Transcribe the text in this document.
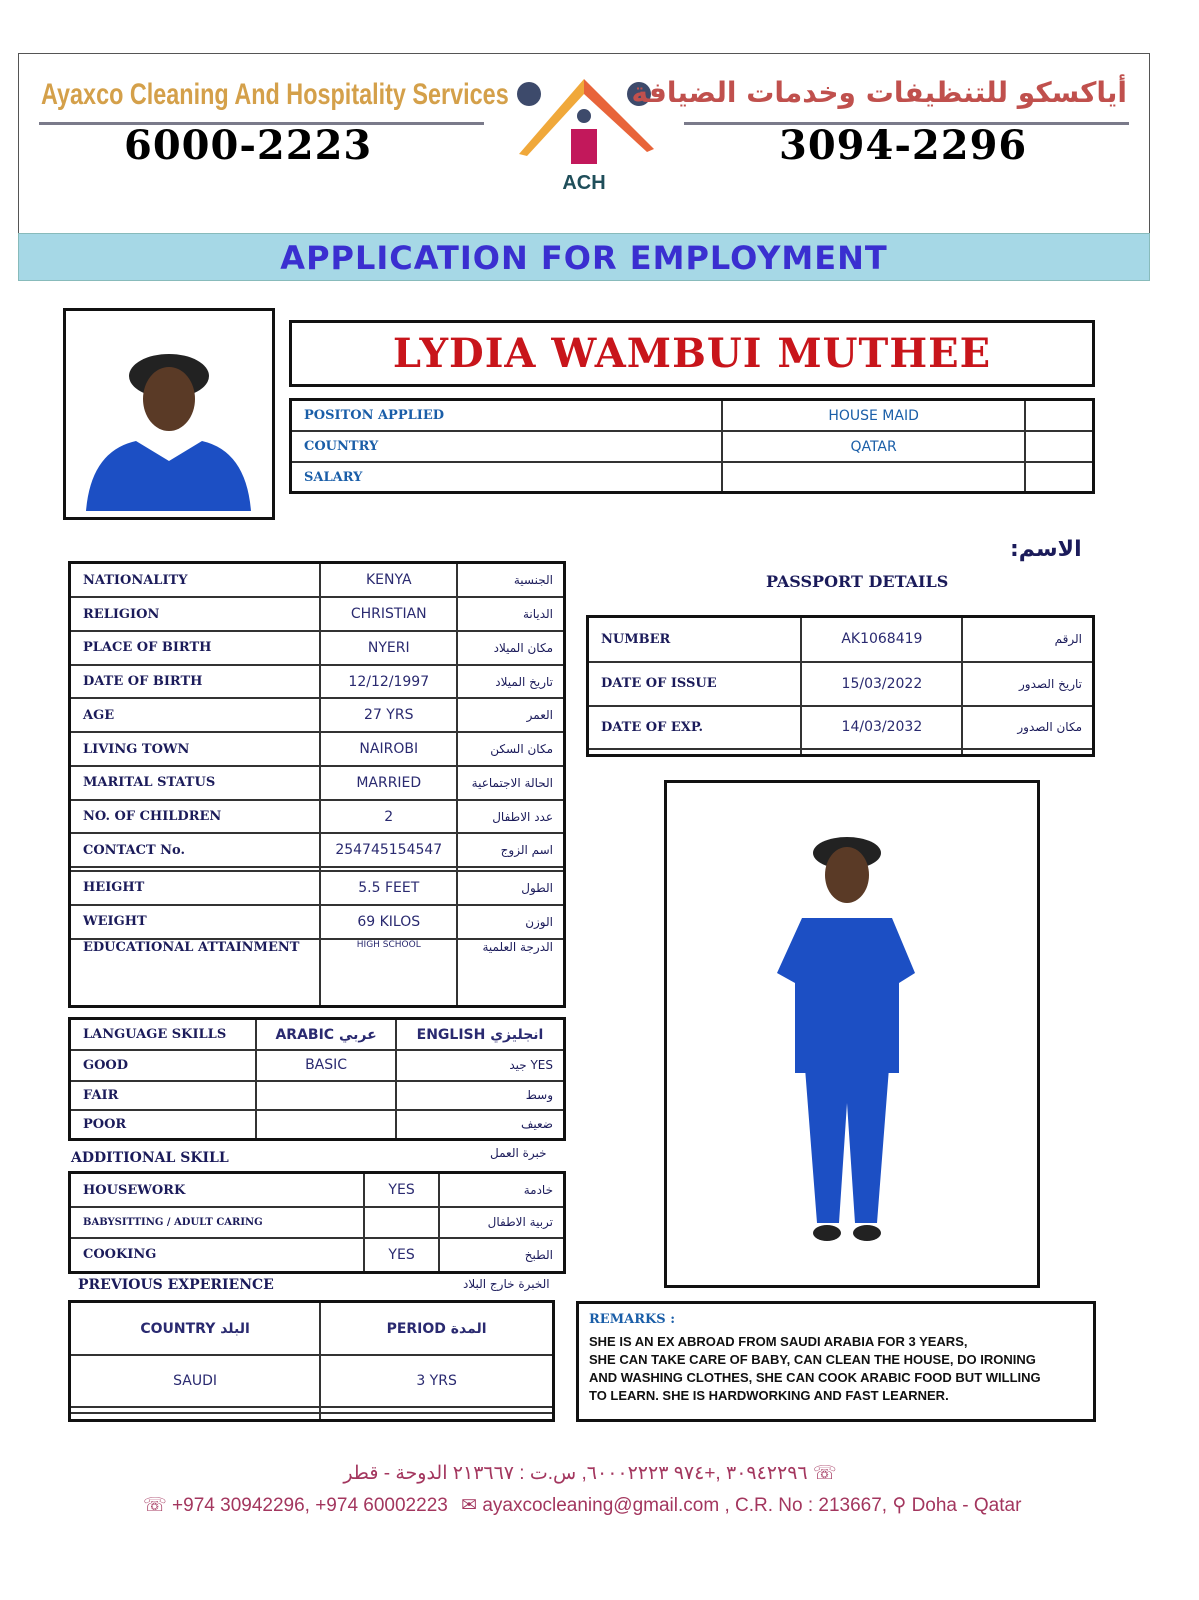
Ayaxco Cleaning And Hospitality Services
6000-2223
ACH
أياكسكو للتنظيفات وخدمات الضيافة
3094-2296
APPLICATION FOR EMPLOYMENT
LYDIA WAMBUI MUTHEE
POSITON APPLIED	HOUSE MAID	
COUNTRY	QATAR	
SALARY		
الاسم:
PASSPORT DETAILS
NATIONALITY	KENYA	الجنسية
RELIGION	CHRISTIAN	الديانة
PLACE OF BIRTH	NYERI	مكان الميلاد
DATE OF BIRTH	12/12/1997	تاريخ الميلاد
AGE	27 YRS	العمر
LIVING TOWN	NAIROBI	مكان السكن
MARITAL STATUS	MARRIED	الحالة الاجتماعية
NO. OF CHILDREN	2	عدد الاطفال
CONTACT No.	254745154547	اسم الزوج

HEIGHT	5.5 FEET	الطول
WEIGHT	69 KILOS	الوزن
EDUCATIONAL ATTAINMENT	HIGH SCHOOL	الدرجة العلمية
NUMBER	AK1068419	الرقم
DATE OF ISSUE	15/03/2022	تاريخ الصدور
DATE OF EXP.	14/03/2032	مكان الصدور

LANGUAGE SKILLS	ARABIC عربي	ENGLISH انجليزي
GOOD	BASIC	YES جيد
FAIR		وسط
POOR		ضعيف
ADDITIONAL SKILL	خبرة العمل
HOUSEWORK	YES	خادمة
BABYSITTING / ADULT CARING		تربية الاطفال
COOKING	YES	الطبخ
PREVIOUS EXPERIENCE	الخبرة خارج البلاد
COUNTRY البلد	PERIOD المدة
SAUDI	3 YRS

REMARKS :
SHE IS AN EX ABROAD FROM SAUDI ARABIA FOR 3 YEARS,
SHE CAN TAKE CARE OF BABY, CAN CLEAN THE HOUSE, DO IRONING
AND WASHING CLOTHES, SHE CAN COOK ARABIC FOOD BUT WILLING
TO LEARN. SHE IS HARDWORKING AND FAST LEARNER.
☏ ٣٠٩٤٢٢٩٦ ,+٩٧٤ ٦٠٠٠٢٢٢٣, س.ت : ٢١٣٦٦٧ الدوحة - قطر
☏ +974 30942296, +974 60002223 ✉ ayaxcocleaning@gmail.com , C.R. No : 213667, ⚲ Doha - Qatar
